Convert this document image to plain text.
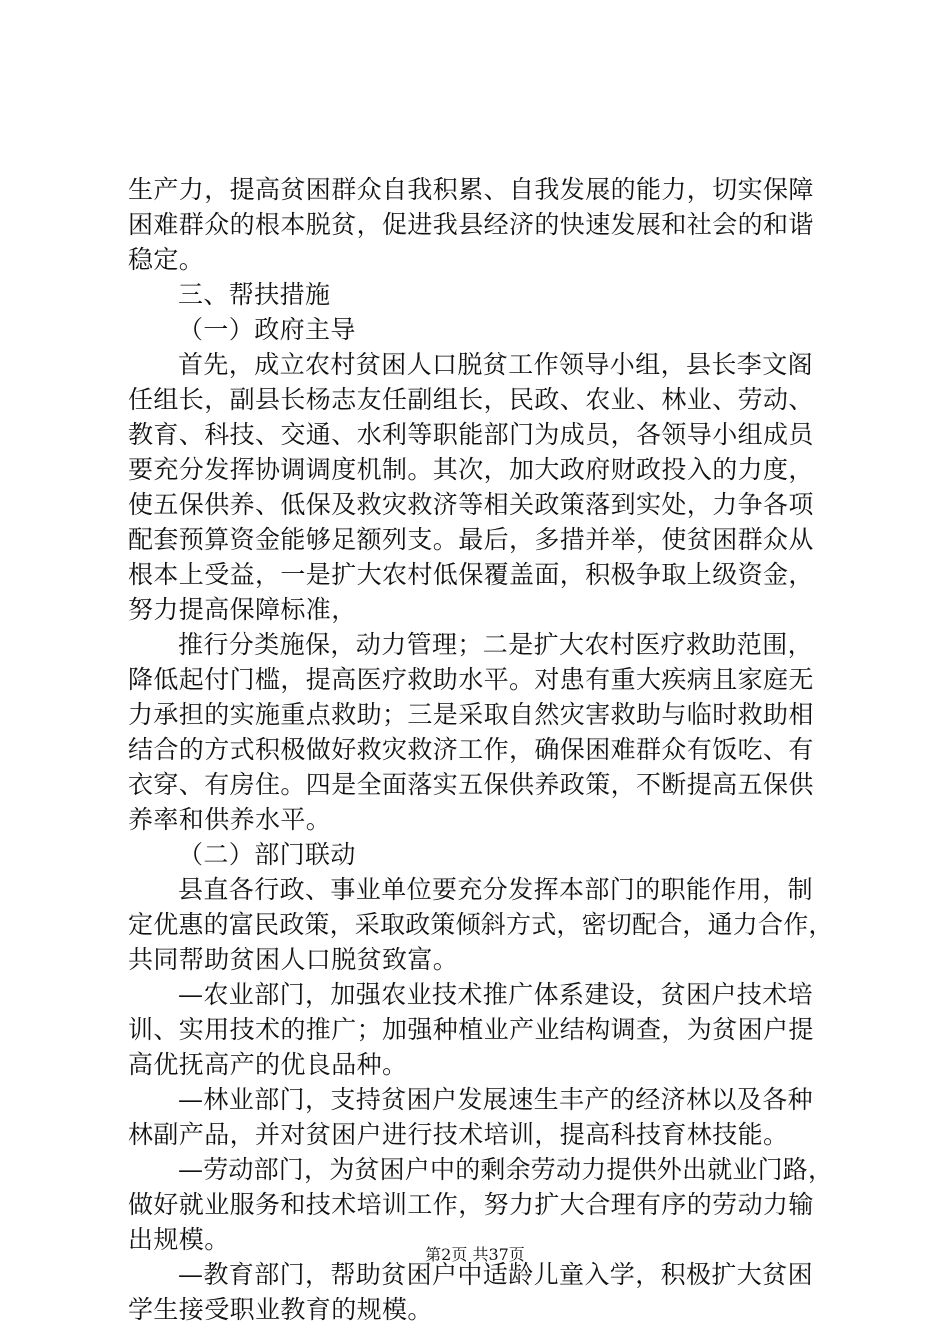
生产力，提高贫困群众自我积累、自我发展的能力，切实保障
困难群众的根本脱贫，促进我县经济的快速发展和社会的和谐
稳定。
三、帮扶措施
（一）政府主导
首先，成立农村贫困人口脱贫工作领导小组，县长李文阁
任组长，副县长杨志友任副组长，民政、农业、林业、劳动、
教育、科技、交通、水利等职能部门为成员，各领导小组成员
要充分发挥协调调度机制。其次，加大政府财政投入的力度，
使五保供养、低保及救灾救济等相关政策落到实处，力争各项
配套预算资金能够足额列支。最后，多措并举，使贫困群众从
根本上受益，一是扩大农村低保覆盖面，积极争取上级资金，
努力提高保障标准，
推行分类施保，动力管理；二是扩大农村医疗救助范围，
降低起付门槛，提高医疗救助水平。对患有重大疾病且家庭无
力承担的实施重点救助；三是采取自然灾害救助与临时救助相
结合的方式积极做好救灾救济工作，确保困难群众有饭吃、有
衣穿、有房住。四是全面落实五保供养政策，不断提高五保供
养率和供养水平。
（二）部门联动
县直各行政、事业单位要充分发挥本部门的职能作用，制
定优惠的富民政策，采取政策倾斜方式，密切配合，通力合作，
共同帮助贫困人口脱贫致富。
—农业部门，加强农业技术推广体系建设，贫困户技术培
训、实用技术的推广；加强种植业产业结构调查，为贫困户提
高优抚高产的优良品种。
—林业部门，支持贫困户发展速生丰产的经济林以及各种
林副产品，并对贫困户进行技术培训，提高科技育林技能。
—劳动部门，为贫困户中的剩余劳动力提供外出就业门路，
做好就业服务和技术培训工作，努力扩大合理有序的劳动力输
出规模。
—教育部门，帮助贫困户中适龄儿童入学，积极扩大贫困
学生接受职业教育的规模。
第2页 共37页
